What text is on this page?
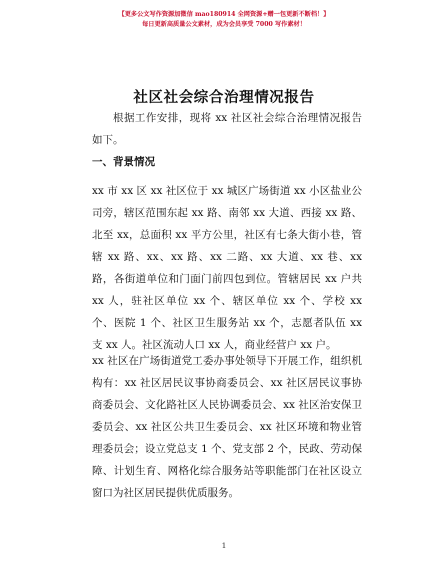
【更多公文写作资源加微信 mao180914 全网资源+赠一包更新不断档！】
每日更新高质量公文素材，成为会员享受 7000 写作素材！
社区社会综合治理情况报告
根据工作安排，现将 xx 社区社会综合治理情况报告如下。
一、背景情况
xx 市 xx 区 xx 社区位于 xx 城区广场街道 xx 小区盐业公司旁，辖区范围东起 xx 路、南邻 xx 大道、西接 xx 路、北至 xx，总面积 xx 平方公里，社区有七条大街小巷，管辖 xx 路、xx、xx 路、xx 二路、xx 大道、xx 巷、xx 路，各街道单位和门面门前四包到位。管辖居民 xx 户共 xx 人，驻社区单位 xx 个、辖区单位 xx 个、学校 xx 个、医院 1 个、社区卫生服务站 xx 个，志愿者队伍 xx 支 xx 人。社区流动人口 xx 人，商业经营户 xx 户。
xx 社区在广场街道党工委办事处领导下开展工作，组织机构有：xx 社区居民议事协商委员会、xx 社区居民议事协商委员会、文化路社区人民协调委员会、xx 社区治安保卫委员会、xx 社区公共卫生委员会、xx 社区环境和物业管理委员会；设立党总支 1 个、党支部 2 个，民政、劳动保障、计划生育、网格化综合服务站等职能部门在社区设立窗口为社区居民提供优质服务。
1
